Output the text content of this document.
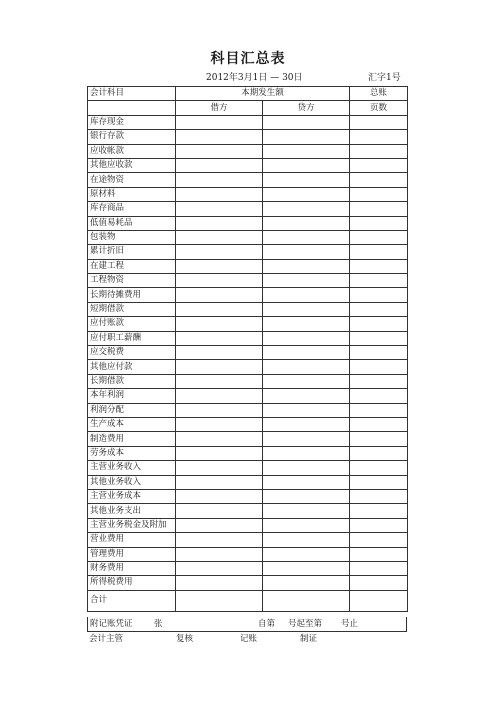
科目汇总表
2012年3月1日 — 30日	汇字1号
会计科目	本期发生额		总账
	借方	贷方	页数
库存现金			
银行存款			
应收帐款			
其他应收款			
在途物资			
原材料			
库存商品			
低值易耗品			
包装物			
累计折旧			
在建工程			
工程物资			
长期待摊费用			
短期借款			
应付账款			
应付职工薪酬			
应交税费			
其他应付款			
长期借款			
本年利润			
利润分配			
生产成本			
制造费用			
劳务成本			
主营业务收入			
其他业务收入			
主营业务成本			
其他业务支出			
主营业务税金及附加			
营业费用			
管理费用			
财务费用			
所得税费用			
合计			
附记账凭证	张	自第 号起至第 号止
会计主管	复核	记账	制证
